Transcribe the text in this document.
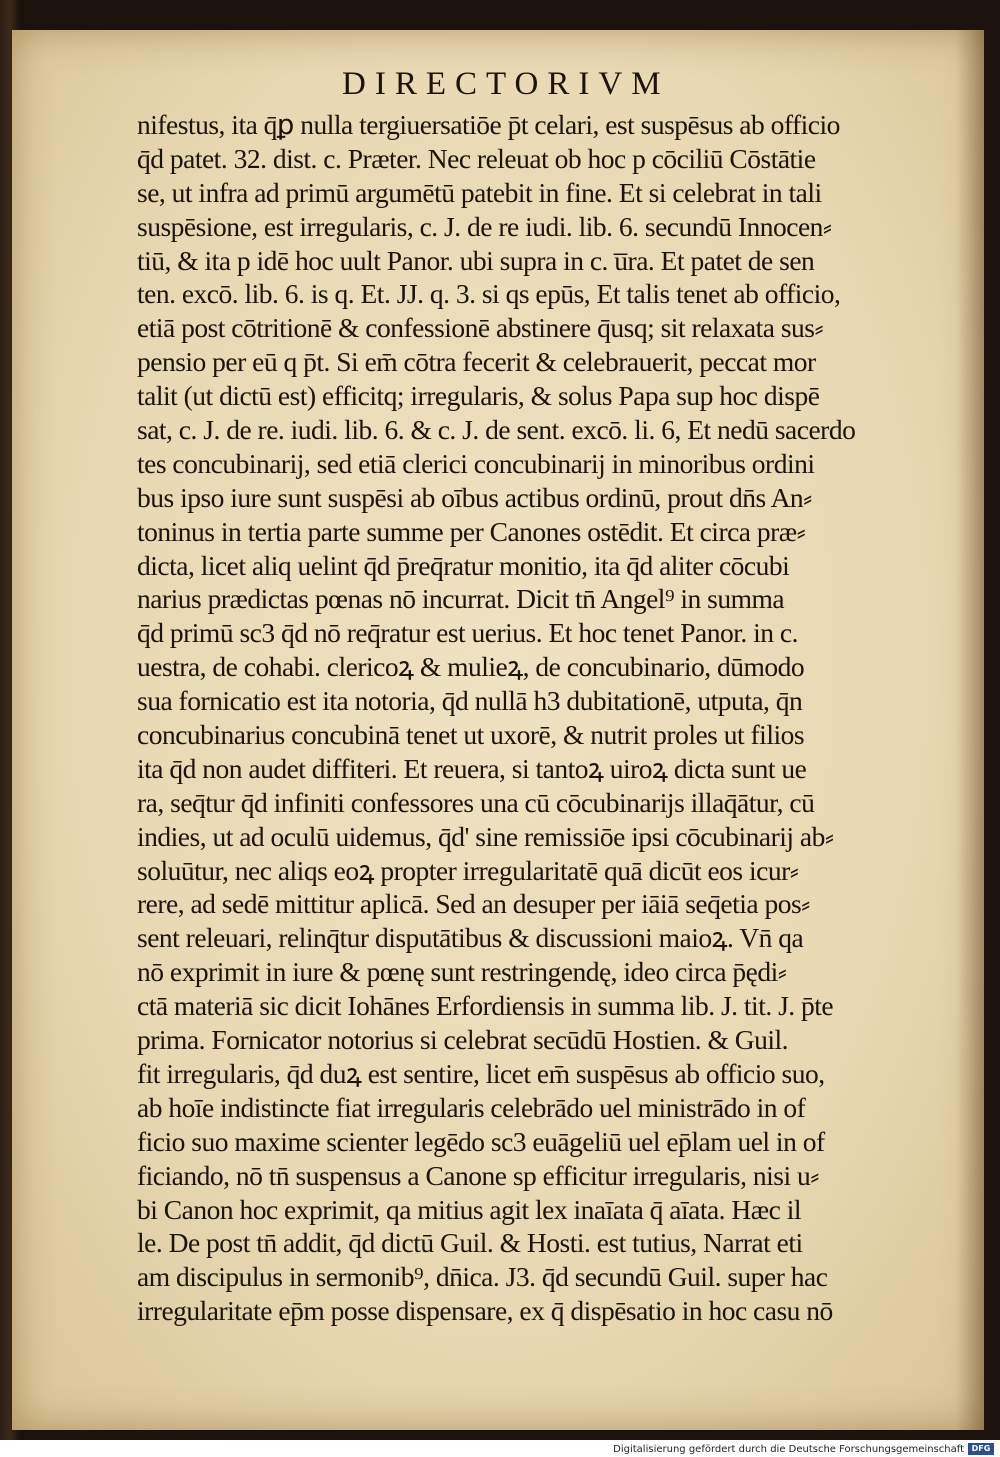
DIRECTORIVM
nifestus, ita q̄ꝑ nulla tergiuersatiōe p̄t celari, est suspēsus ab officio
q̄d patet. 32. dist. c. Præter. Nec releuat ob hoc p cōciliū Cōstātie
se, ut infra ad primū argumētū patebit in fine. Et si celebrat in tali
suspēsione, est irregularis, c. J. de re iudi. lib. 6. secundū Innocen⸗
tiū, & ita p idē hoc uult Panor. ubi supra in c. u̅ra. Et patet de sen
ten. excō. lib. 6. is q. Et. JJ. q. 3. si qs epūs, Et talis tenet ab officio,
etiā post cōtritionē & confessionē abstinere q̄usq; sit relaxata sus⸗
pensio per eū q p̄t. Si em̄ cōtra fecerit & celebrauerit, peccat mor
talit (ut dictū est) efficitq; irregularis, & solus Papa sup hoc dispē
sat, c. J. de re. iudi. lib. 6. & c. J. de sent. excō. li. 6, Et nedū sacerdo
tes concubinarij, sed etiā clerici concubinarij in minoribus ordini
bus ipso iure sunt suspēsi ab oībus actibus ordinū, prout dn̄s An⸗
toninus in tertia parte summe per Canones ostēdit. Et circa præ⸗
dicta, licet aliq uelint q̄d p̄req̄ratur monitio, ita q̄d aliter cōcubi
narius prædictas pœnas nō incurrat. Dicit tn̄ Angel⁹ in summa
q̄d primū sc3 q̄d nō req̄ratur est uerius. Et hoc tenet Panor. in c.
uestra, de cohabi. clericoꝝ & mulieꝝ, de concubinario, dūmodo
sua fornicatio est ita notoria, q̄d nullā h3 dubitationē, utputa, q̄n
concubinarius concubinā tenet ut uxorē, & nutrit proles ut filios
ita q̄d non audet diffiteri. Et reuera, si tantoꝝ uiroꝝ dicta sunt ue
ra, seq̄tur q̄d infiniti confessores una cū cōcubinarijs illaq̄ātur, cū
indies, ut ad oculū uidemus, q̄d' sine remissiōe ipsi cōcubinarij ab⸗
soluūtur, nec aliqs eoꝝ propter irregularitatē quā dicūt eos icur⸗
rere, ad sedē mittitur aplicā. Sed an desuper per iāiā seq̄etia pos⸗
sent releuari, relinq̄tur disputātibus & discussioni maioꝝ. Vn̄ qa
nō exprimit in iure & pœnę sunt restringendę, ideo circa p̄ędi⸗
ctā materiā sic dicit Iohānes Erfordiensis in summa lib. J. tit. J. p̄te
prima. Fornicator notorius si celebrat secūdū Hostien. & Guil.
fit irregularis, q̄d duꝝ est sentire, licet em̄ suspēsus ab officio suo,
ab hoīe indistincte fiat irregularis celebrādo uel ministrādo in of
ficio suo maxime scienter legēdo sc3 euāgeliū uel ep̄lam uel in of
ficiando, nō tn̄ suspensus a Canone sp efficitur irregularis, nisi u⸗
bi Canon hoc exprimit, qa mitius agit lex inaīata q̄ aīata. Hæc il
le. De post tn̄ addit, q̄d dictū Guil. & Hosti. est tutius, Narrat eti
am discipulus in sermonib⁹, dn̄ica. J3. q̄d secundū Guil. super hac
irregularitate ep̄m posse dispensare, ex q̄ dispēsatio in hoc casu nō
Digitalisierung gefördert durch die Deutsche Forschungsgemeinschaft DFG
